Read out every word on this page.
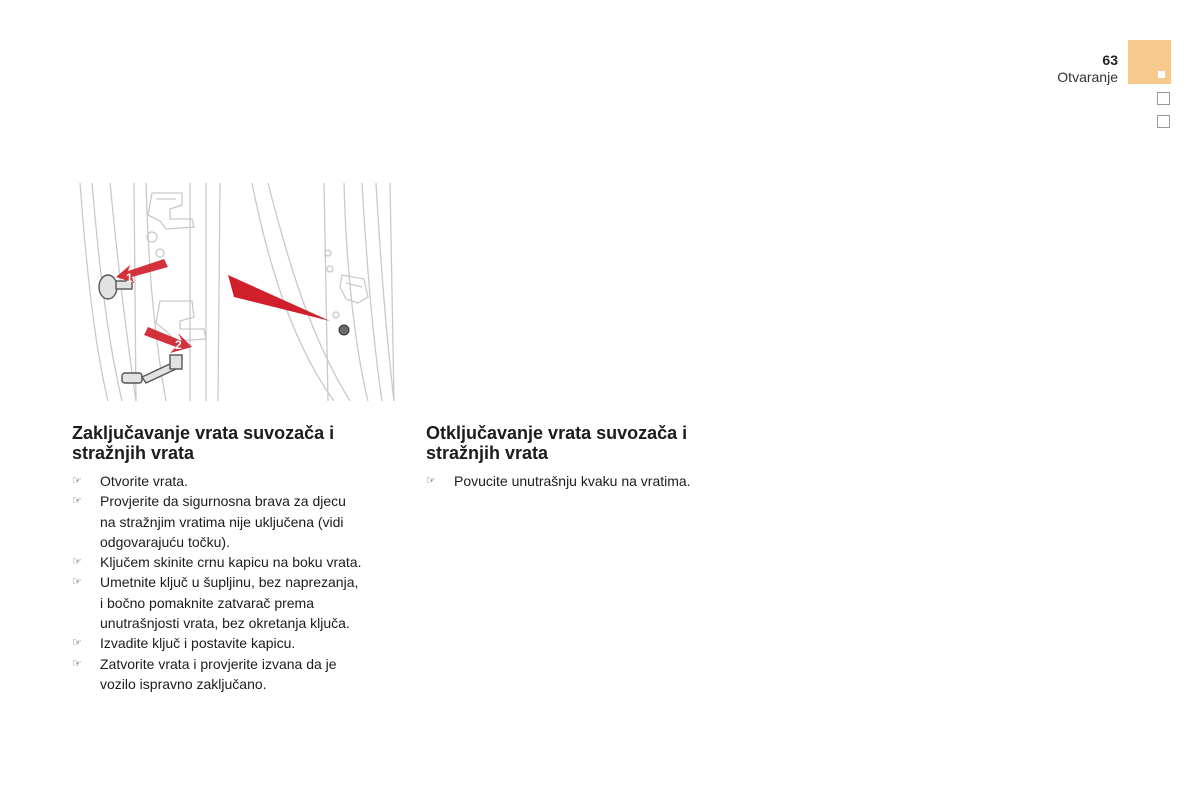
63
Otvaranje
1
2
Zaključavanje vrata suvozača i
stražnjih vrata
☞	Otvorite vrata.
☞	Provjerite da sigurnosna brava za djecu
na stražnjim vratima nije uključena (vidi
odgovarajuću točku).
☞	Ključem skinite crnu kapicu na boku vrata.
☞	Umetnite ključ u šupljinu, bez naprezanja,
i bočno pomaknite zatvarač prema
unutrašnjosti vrata, bez okretanja ključa.
☞	Izvadite ključ i postavite kapicu.
☞	Zatvorite vrata i provjerite izvana da je
vozilo ispravno zaključano.
Otključavanje vrata suvozača i
stražnjih vrata
☞	Povucite unutrašnju kvaku na vratima.
